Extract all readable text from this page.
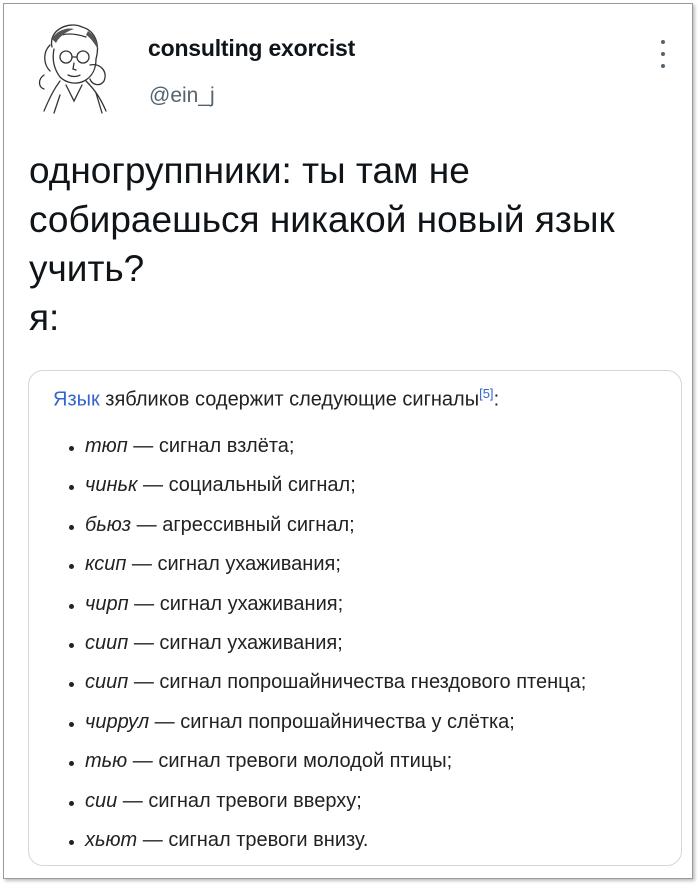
consulting exorcist
@ein_j
одногруппники: ты там не
собираешься никакой новый язык
учить?
я:
Язык зябликов содержит следующие сигналы[5]:
тюп — сигнал взлёта;
чиньк — социальный сигнал;
бьюз — агрессивный сигнал;
ксип — сигнал ухаживания;
чирп — сигнал ухаживания;
сиип — сигнал ухаживания;
сиип — сигнал попрошайничества гнездового птенца;
чиррул — сигнал попрошайничества у слётка;
тью — сигнал тревоги молодой птицы;
сии — сигнал тревоги вверху;
хьют — сигнал тревоги внизу.
